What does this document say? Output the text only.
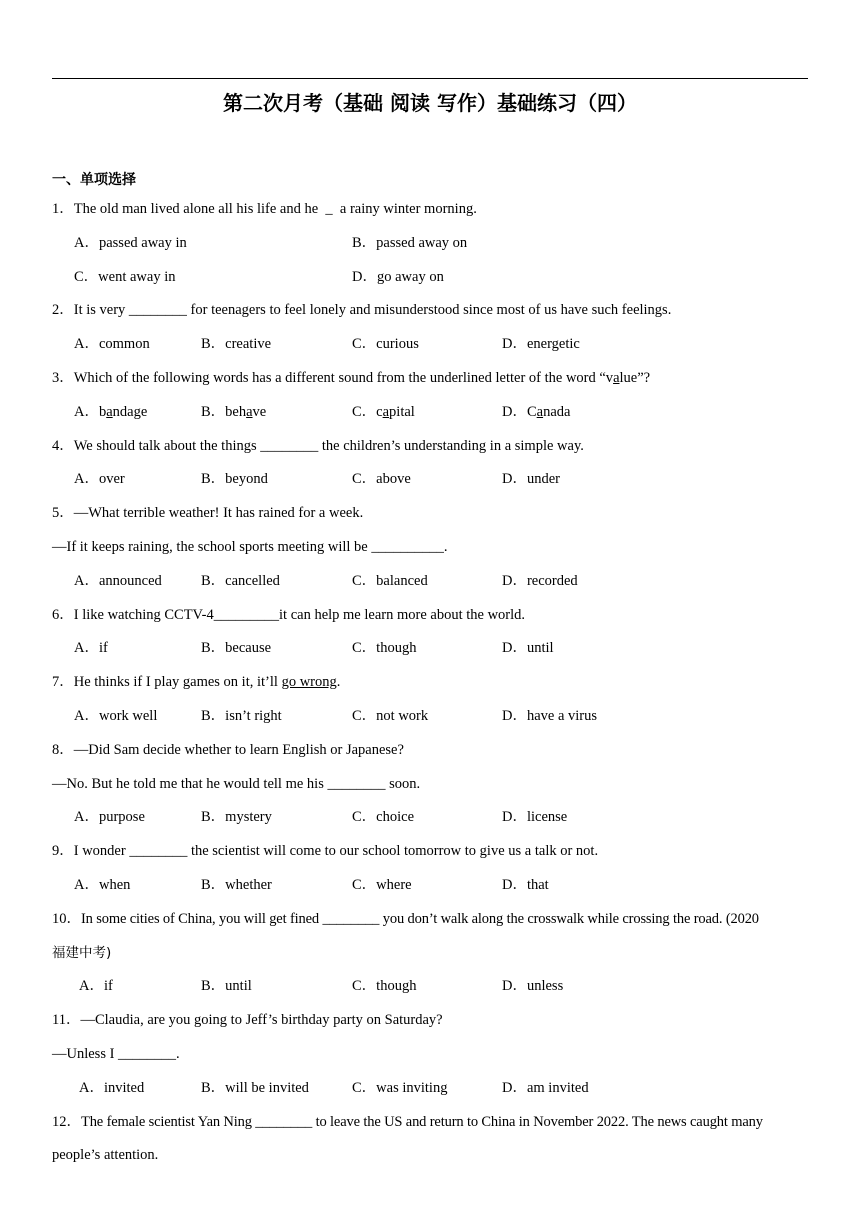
第二次月考（基础 阅读 写作）基础练习（四）
一、单项选择
1．The old man lived alone all his life and he  _  a rainy winter morning.
A．passed away in	B．passed away on
C．went away in	D．go away on
2．It is very ________ for teenagers to feel lonely and misunderstood since most of us have such feelings.
A．common	B．creative	C．curious	D．energetic
3．Which of the following words has a different sound from the underlined letter of the word “value”?
A．bandage	B．behave	C．capital	D．Canada
4．We should talk about the things ________ the children’s understanding in a simple way.
A．over	B．beyond	C．above	D．under
5．—What terrible weather! It has rained for a week.
—If it keeps raining, the school sports meeting will be __________.
A．announced	B．cancelled	C．balanced	D．recorded
6．I like watching CCTV-4_________it can help me learn more about the world.
A．if	B．because	C．though	D．until
7．He thinks if I play games on it, it’ll go wrong.
A．work well	B．isn’t right	C．not work	D．have a virus
8．—Did Sam decide whether to learn English or Japanese?
—No. But he told me that he would tell me his ________ soon.
A．purpose	B．mystery	C．choice	D．license
9．I wonder ________ the scientist will come to our school tomorrow to give us a talk or not.
A．when	B．whether	C．where	D．that
10．In some cities of China, you will get fined ________ you don’t walk along the crosswalk while crossing the road. (2020
福建中考)
A．if	B．until	C．though	D．unless
11．—Claudia, are you going to Jeff’s birthday party on Saturday?
—Unless I ________.
A．invited	B．will be invited	C．was inviting	D．am invited
12．The female scientist Yan Ning ________ to leave the US and return to China in November 2022. The news caught many
people’s attention.
